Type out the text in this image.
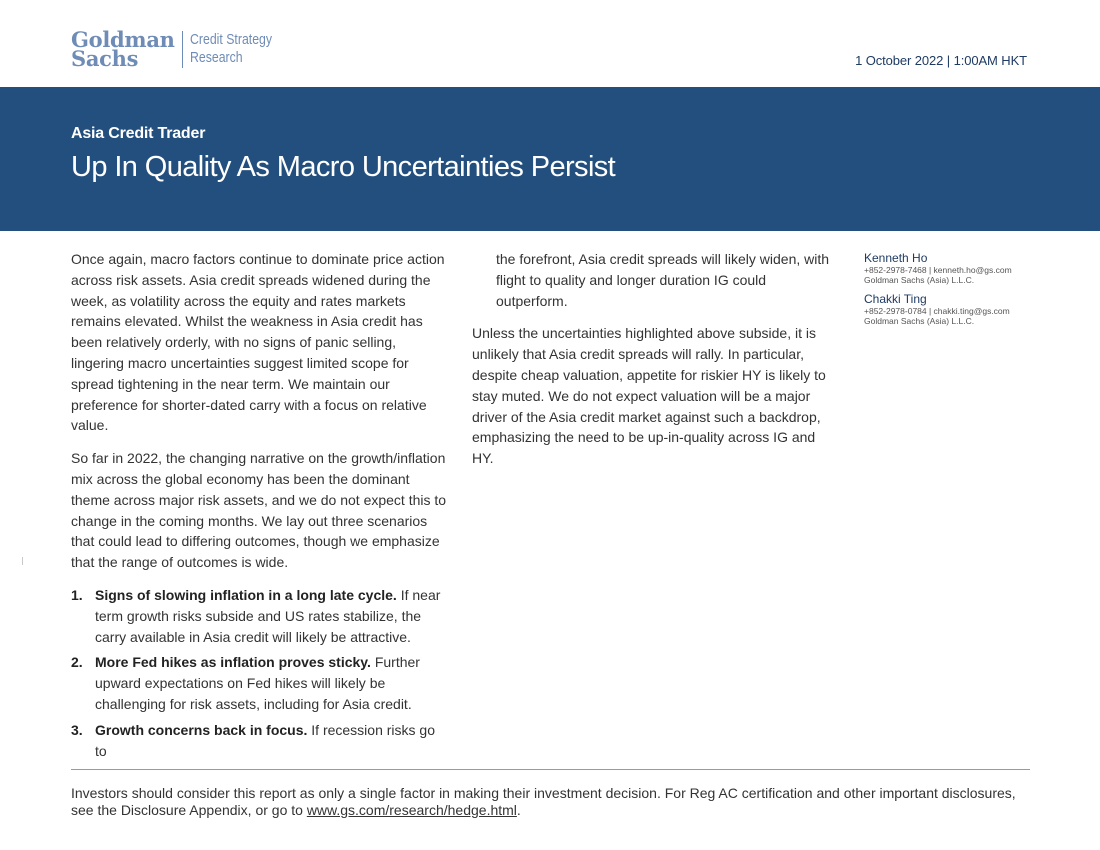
Goldman
Sachs
Credit Strategy
Research	1 October 2022 | 1:00AM HKT
Asia Credit Trader
Up In Quality As Macro Uncertainties Persist

Once again, macro factors continue to dominate price action across risk assets. Asia credit spreads widened during the week, as volatility across the equity and rates markets remains elevated. Whilst the weakness in Asia credit has been relatively orderly, with no signs of panic selling, lingering macro uncertainties suggest limited scope for spread tightening in the near term. We maintain our preference for shorter-dated carry with a focus on relative value.

So far in 2022, the changing narrative on the growth/inflation mix across the global economy has been the dominant theme across major risk assets, and we do not expect this to change in the coming months. We lay out three scenarios that could lead to differing outcomes, though we emphasize that the range of outcomes is wide.

1. Signs of slowing inflation in a long late cycle. If near term growth risks subside and US rates stabilize, the carry available in Asia credit will likely be attractive.
2. More Fed hikes as inflation proves sticky. Further upward expectations on Fed hikes will likely be challenging for risk assets, including for Asia credit.
3. Growth concerns back in focus. If recession risks go to
the forefront, Asia credit spreads will likely widen, with flight to quality and longer duration IG could outperform.

Unless the uncertainties highlighted above subside, it is unlikely that Asia credit spreads will rally. In particular, despite cheap valuation, appetite for riskier HY is likely to stay muted. We do not expect valuation will be a major driver of the Asia credit market against such a backdrop, emphasizing the need to be up-in-quality across IG and HY.

Kenneth Ho
+852-2978-7468 | kenneth.ho@gs.com
Goldman Sachs (Asia) L.L.C.
Chakki Ting
+852-2978-0784 | chakki.ting@gs.com
Goldman Sachs (Asia) L.L.C.
Investors should consider this report as only a single factor in making their investment decision. For Reg AC certification and other important disclosures, see the Disclosure Appendix, or go to www.gs.com/research/hedge.html.
